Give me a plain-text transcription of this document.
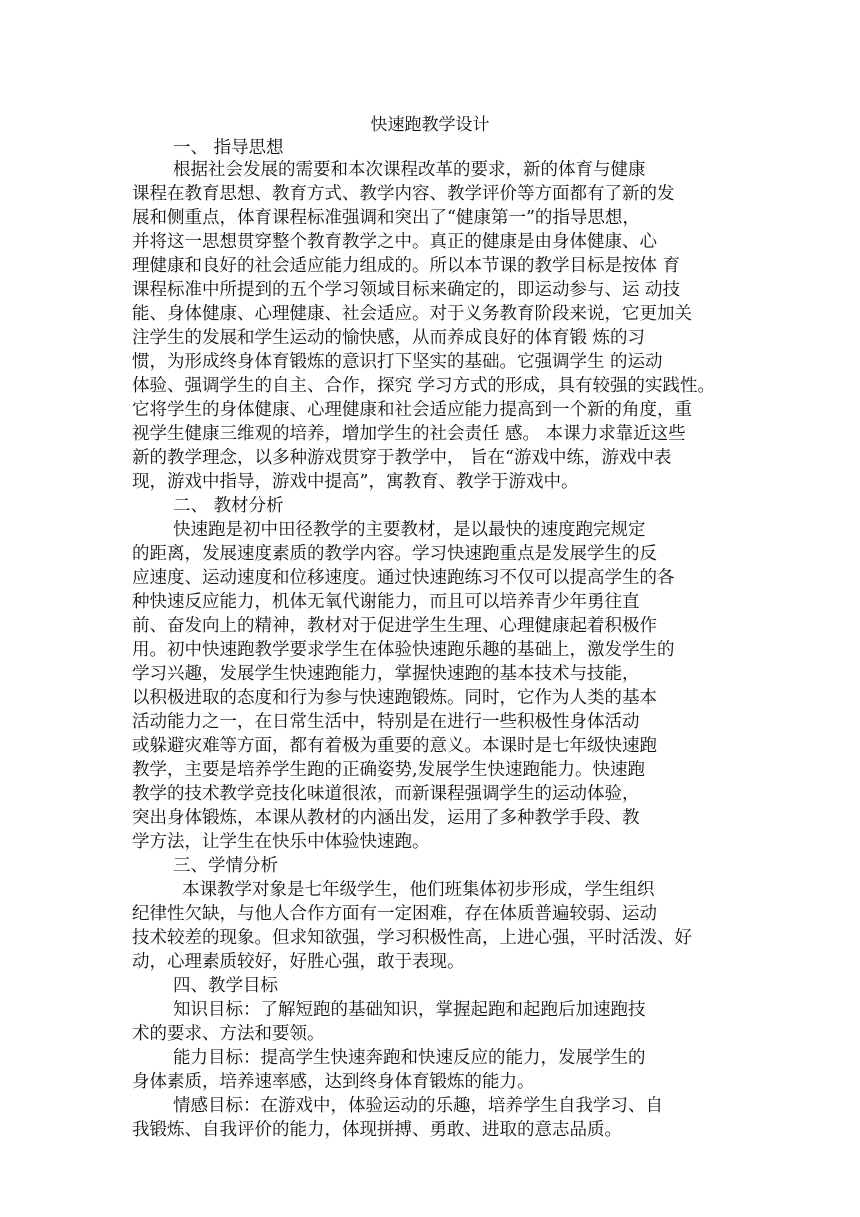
快速跑教学设计
一、 指导思想
根据社会发展的需要和本次课程改革的要求，新的体育与健康
课程在教育思想、教育方式、教学内容、教学评价等方面都有了新的发
展和侧重点，体育课程标准强调和突出了“健康第一”的指导思想，
并将这一思想贯穿整个教育教学之中。真正的健康是由身体健康、心
理健康和良好的社会适应能力组成的。所以本节课的教学目标是按体 育
课程标准中所提到的五个学习领域目标来确定的，即运动参与、运 动技
能、身体健康、心理健康、社会适应。对于义务教育阶段来说，它更加关
注学生的发展和学生运动的愉快感，从而养成良好的体育锻 炼的习
惯，为形成终身体育锻炼的意识打下坚实的基础。它强调学生 的运动
体验、强调学生的自主、合作，探究 学习方式的形成，具有较强的实践性。
它将学生的身体健康、心理健康和社会适应能力提高到一个新的角度，重
视学生健康三维观的培养，增加学生的社会责任 感。 本课力求靠近这些
新的教学理念，以多种游戏贯穿于教学中， 旨在“游戏中练，游戏中表
现，游戏中指导，游戏中提高”，寓教育、教学于游戏中。
二、 教材分析
快速跑是初中田径教学的主要教材，是以最快的速度跑完规定
的距离，发展速度素质的教学内容。学习快速跑重点是发展学生的反
应速度、运动速度和位移速度。通过快速跑练习不仅可以提高学生的各
种快速反应能力，机体无氧代谢能力，而且可以培养青少年勇往直
前、奋发向上的精神，教材对于促进学生生理、心理健康起着积极作
用。初中快速跑教学要求学生在体验快速跑乐趣的基础上，激发学生的
学习兴趣，发展学生快速跑能力，掌握快速跑的基本技术与技能，
以积极进取的态度和行为参与快速跑锻炼。同时，它作为人类的基本
活动能力之一，在日常生活中，特别是在进行一些积极性身体活动
或躲避灾难等方面，都有着极为重要的意义。本课时是七年级快速跑
教学，主要是培养学生跑的正确姿势,发展学生快速跑能力。快速跑
教学的技术教学竞技化味道很浓，而新课程强调学生的运动体验，
突出身体锻炼，本课从教材的内涵出发，运用了多种教学手段、教
学方法，让学生在快乐中体验快速跑。
三、学情分析
本课教学对象是七年级学生，他们班集体初步形成，学生组织
纪律性欠缺，与他人合作方面有一定困难，存在体质普遍较弱、运动
技术较差的现象。但求知欲强，学习积极性高，上进心强，平时活泼、好
动，心理素质较好，好胜心强，敢于表现。
四、教学目标
知识目标：了解短跑的基础知识，掌握起跑和起跑后加速跑技
术的要求、方法和要领。
能力目标：提高学生快速奔跑和快速反应的能力，发展学生的
身体素质，培养速率感，达到终身体育锻炼的能力。
情感目标：在游戏中，体验运动的乐趣，培养学生自我学习、自
我锻炼、自我评价的能力，体现拼搏、勇敢、进取的意志品质。
